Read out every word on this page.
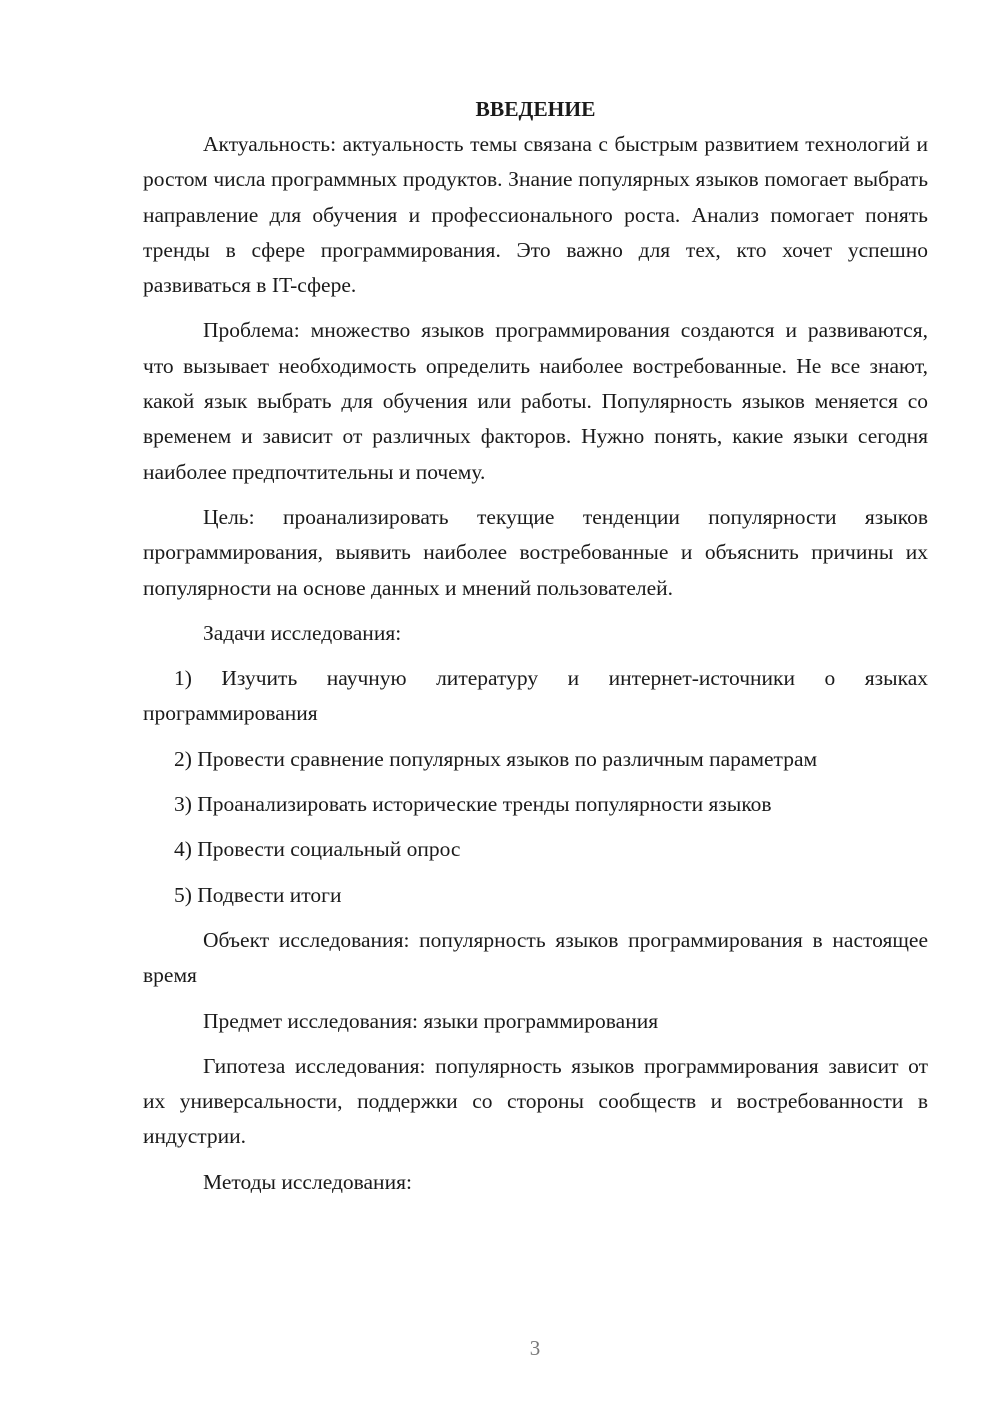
ВВЕДЕНИЕ

Актуальность: актуальность темы связана с быстрым развитием технологий и ростом числа программных продуктов. Знание популярных языков помогает выбрать направление для обучения и профессионального роста. Анализ помогает понять тренды в сфере программирования. Это важно для тех, кто хочет успешно развиваться в IT-сфере.

Проблема: множество языков программирования создаются и развиваются, что вызывает необходимость определить наиболее востребованные. Не все знают, какой язык выбрать для обучения или работы. Популярность языков меняется со временем и зависит от различных факторов. Нужно понять, какие языки сегодня наиболее предпочтительны и почему.

Цель: проанализировать текущие тенденции популярности языков программирования, выявить наиболее востребованные и объяснить причины их популярности на основе данных и мнений пользователей.

Задачи исследования:

1) Изучить научную литературу и интернет-источники о языках программирования

2) Провести сравнение популярных языков по различным параметрам

3) Проанализировать исторические тренды популярности языков

4) Провести социальный опрос

5) Подвести итоги

Объект исследования: популярность языков программирования в настоящее время

Предмет исследования: языки программирования

Гипотеза исследования: популярность языков программирования зависит от их универсальности, поддержки со стороны сообществ и востребованности в индустрии.

Методы исследования:

3
